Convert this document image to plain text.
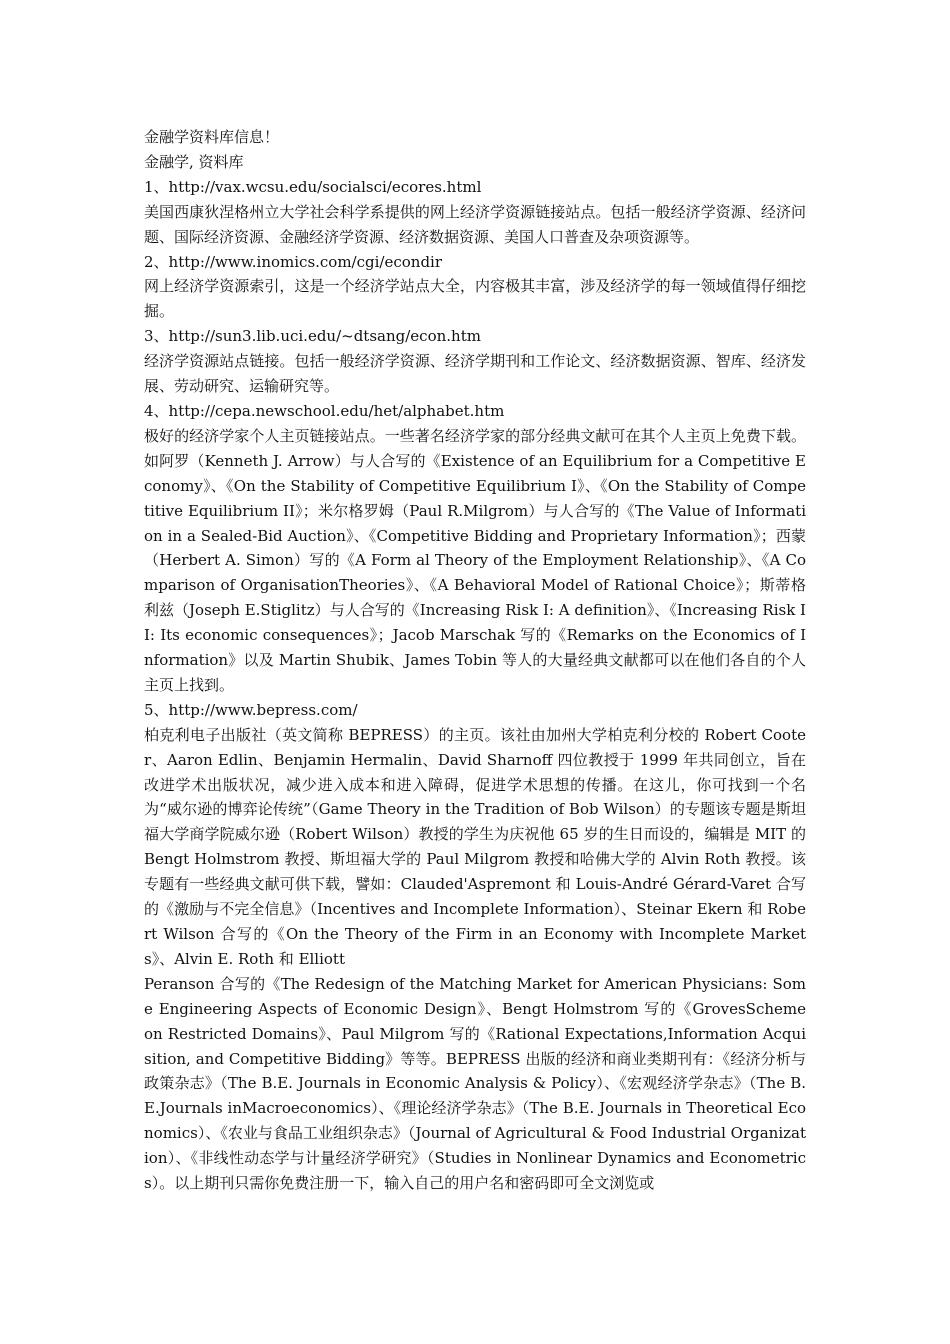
金融学资料库信息！

金融学, 资料库

1、http://vax.wcsu.edu/socialsci/ecores.html

美国西康狄涅格州立大学社会科学系提供的网上经济学资源链接站点。包括一般经济学资源、经济问题、国际经济资源、金融经济学资源、经济数据资源、美国人口普查及杂项资源等。

2、http://www.inomics.com/cgi/econdir

网上经济学资源索引，这是一个经济学站点大全，内容极其丰富，涉及经济学的每一领域值得仔细挖掘。

3、http://sun3.lib.uci.edu/~dtsang/econ.htm

经济学资源站点链接。包括一般经济学资源、经济学期刊和工作论文、经济数据资源、智库、经济发展、劳动研究、运输研究等。

4、http://cepa.newschool.edu/het/alphabet.htm

极好的经济学家个人主页链接站点。一些著名经济学家的部分经典文献可在其个人主页上免费下载。如阿罗（Kenneth J. Arrow）与人合写的《Existence of an Equilibrium for a Competitive Economy》、《On the Stability of Competitive Equilibrium I》、《On the Stability of Competitive Equilibrium II》；米尔格罗姆（Paul R.Milgrom）与人合写的《The Value of Information in a Sealed-Bid Auction》、《Competitive Bidding and Proprietary Information》；西蒙（Herbert A. Simon）写的《A Form al Theory of the Employment Relationship》、《A Comparison of OrganisationTheories》、《A Behavioral Model of Rational Choice》；斯蒂格利兹（Joseph E.Stiglitz）与人合写的《Increasing Risk I: A definition》、《Increasing Risk II: Its economic consequences》；Jacob Marschak 写的《Remarks on the Economics of Information》以及 Martin Shubik、James Tobin 等人的大量经典文献都可以在他们各自的个人主页上找到。

5、http://www.bepress.com/

柏克利电子出版社（英文简称 BEPRESS）的主页。该社由加州大学柏克利分校的 Robert Cooter、Aaron Edlin、Benjamin Hermalin、David Sharnoff 四位教授于 1999 年共同创立，旨在改进学术出版状况，减少进入成本和进入障碍，促进学术思想的传播。在这儿，你可找到一个名为“威尔逊的博弈论传统”（Game Theory in the Tradition of Bob Wilson）的专题该专题是斯坦福大学商学院威尔逊（Robert Wilson）教授的学生为庆祝他 65 岁的生日而设的，编辑是 MIT 的 Bengt Holmstrom 教授、斯坦福大学的 Paul Milgrom 教授和哈佛大学的 Alvin Roth 教授。该专题有一些经典文献可供下载，譬如：Clauded'Aspremont 和 Louis-André Gérard-Varet 合写的《激励与不完全信息》（Incentives and Incomplete Information）、Steinar Ekern 和 Robert Wilson 合写的《On the Theory of the Firm in an Economy with Incomplete Markets》、Alvin E. Roth 和 Elliott

Peranson 合写的《The Redesign of the Matching Market for American Physicians: Some Engineering Aspects of Economic Design》、Bengt Holmstrom 写的《GrovesScheme on Restricted Domains》、Paul Milgrom 写的《Rational Expectations,Information Acquisition, and Competitive Bidding》等等。BEPRESS 出版的经济和商业类期刊有：《经济分析与政策杂志》（The B.E. Journals in Economic Analysis & Policy）、《宏观经济学杂志》（The B.E.Journals inMacroeconomics）、《理论经济学杂志》（The B.E. Journals in Theoretical Economics）、《农业与食品工业组织杂志》（Journal of Agricultural & Food Industrial Organization）、《非线性动态学与计量经济学研究》（Studies in Nonlinear Dynamics and Econometrics）。以上期刊只需你免费注册一下，输入自己的用户名和密码即可全文浏览或
